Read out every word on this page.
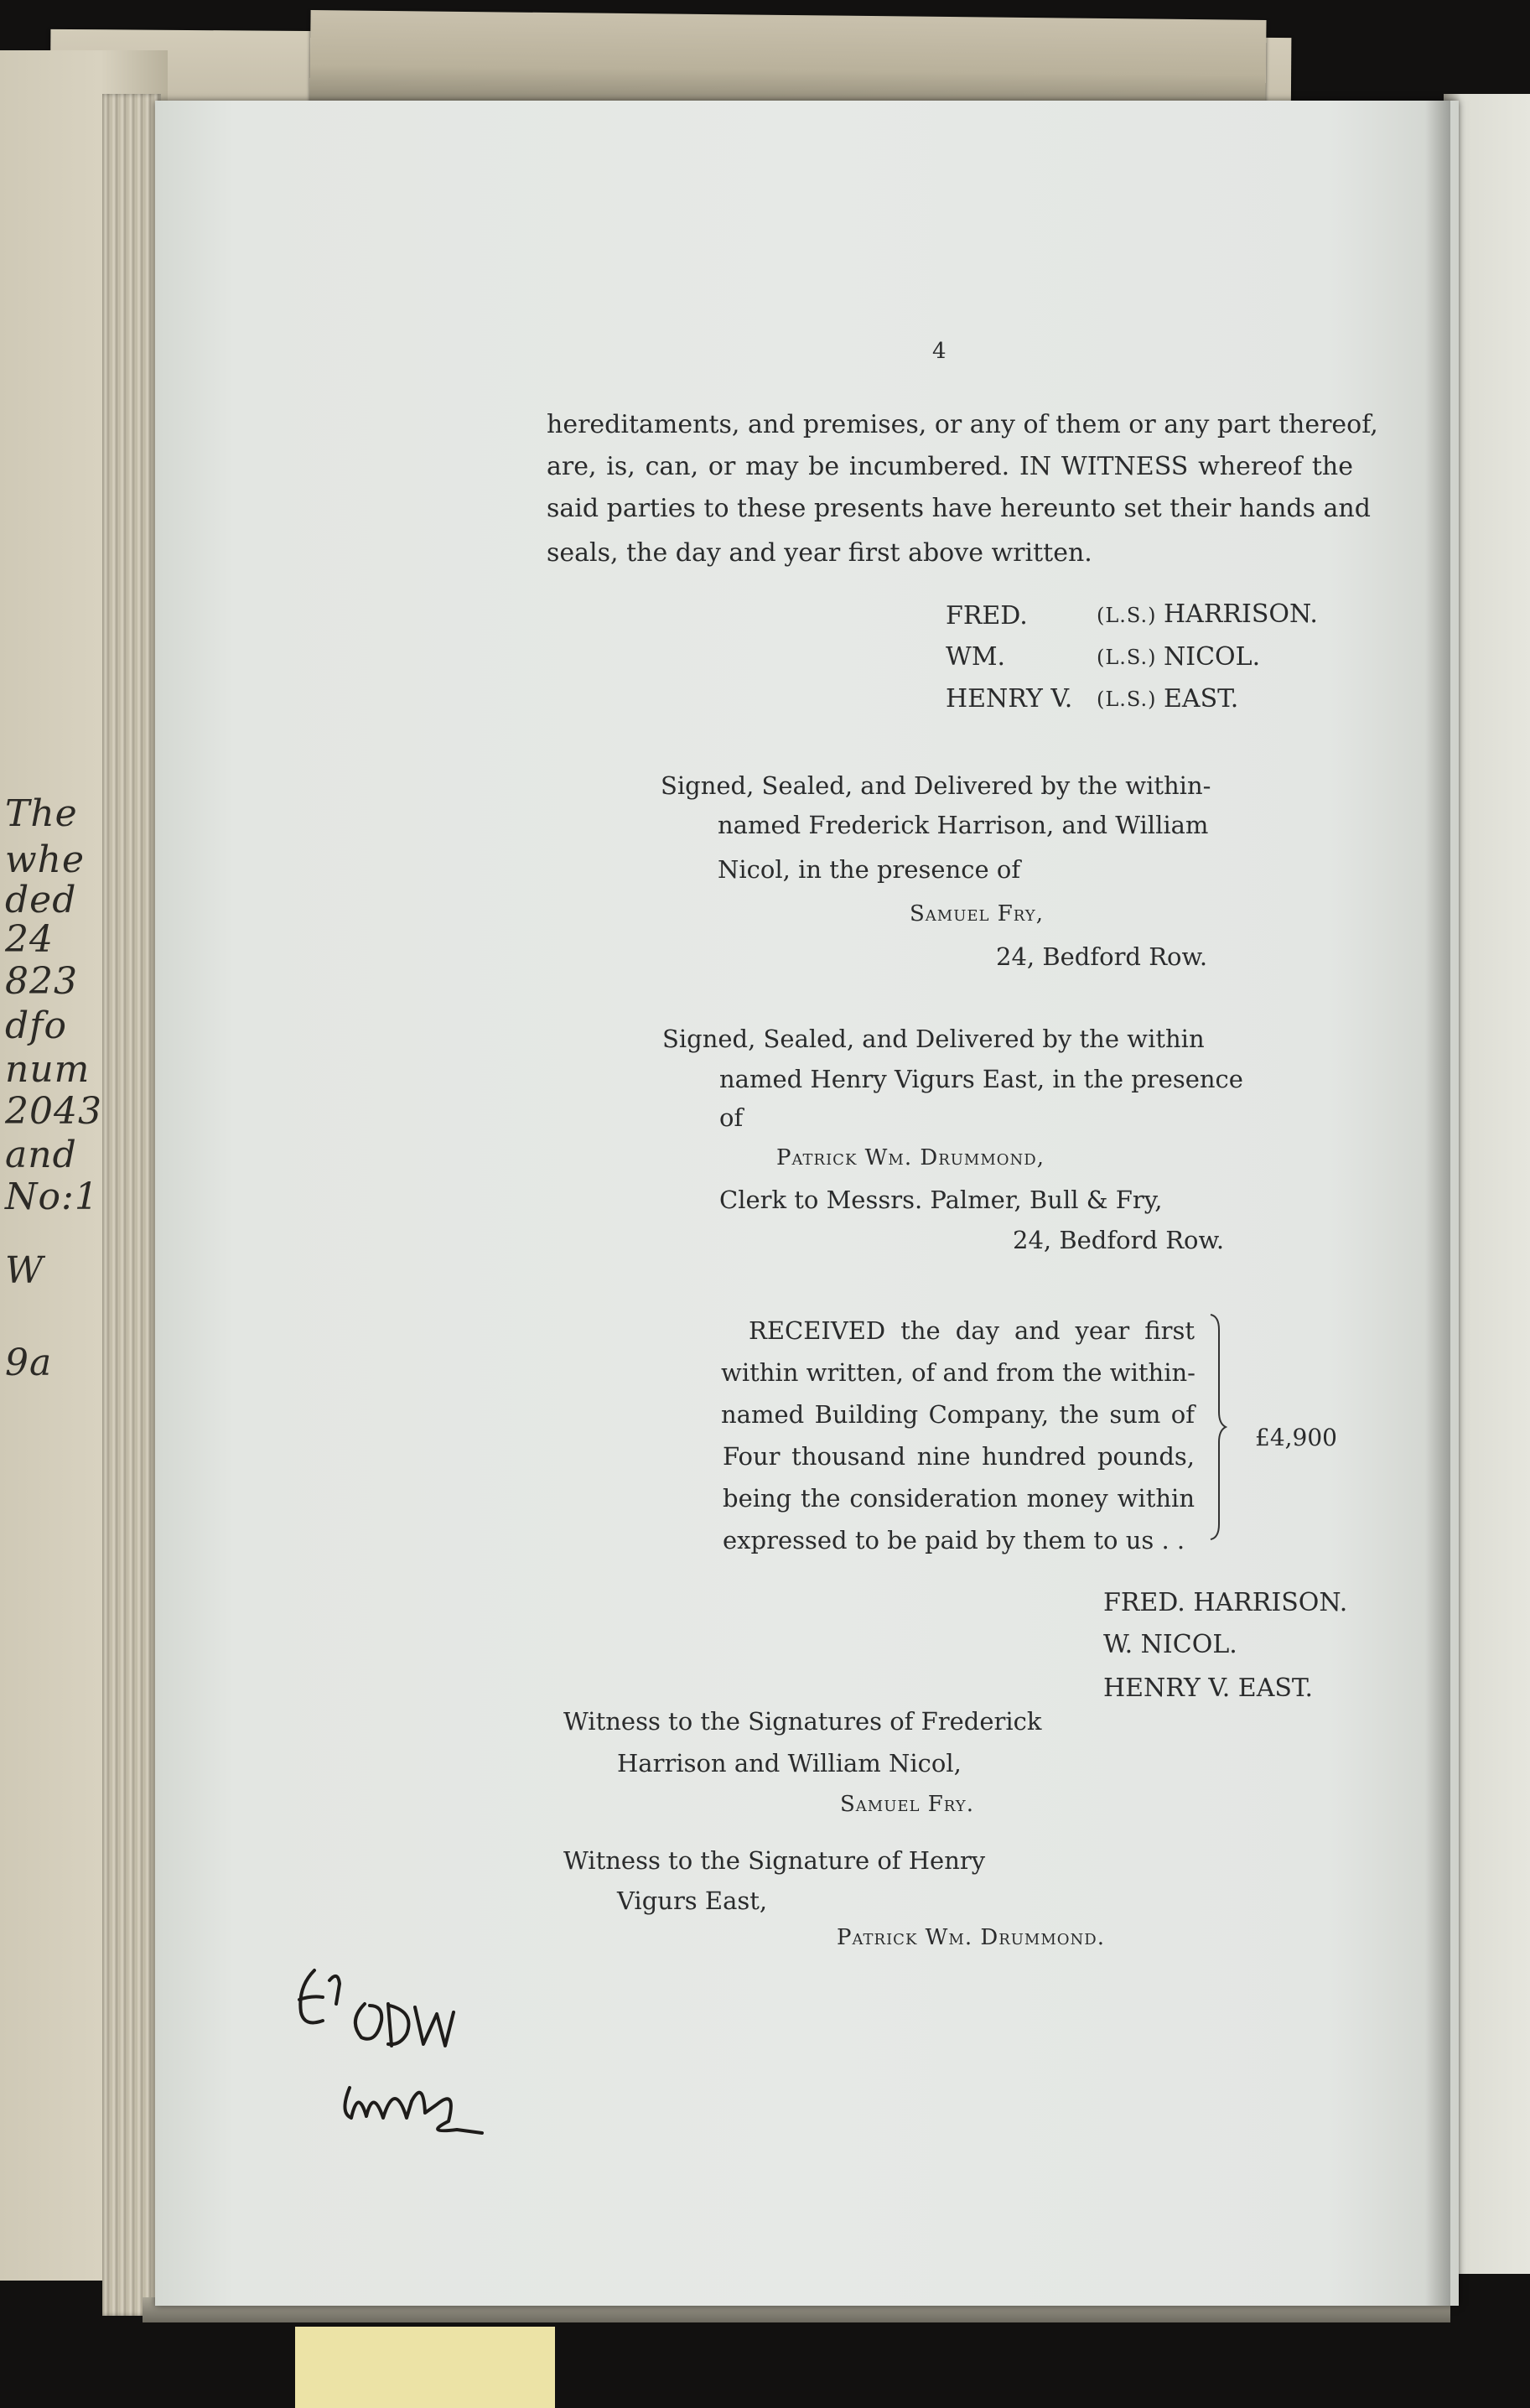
The
whe
ded
24
823
dfo
num
2043
and
No:1
W
9a
4
hereditaments, and premises, or any of them or any part thereof,
are, is, can, or may be incumbered. IN WITNESS whereof the
said parties to these presents have hereunto set their hands and
seals, the day and year first above written.
FRED.	(L.S.) HARRISON.
WM.	(L.S.) NICOL.
HENRY V. (L.S.) EAST.
Signed, Sealed, and Delivered by the within-
named Frederick Harrison, and William
Nicol, in the presence of
Samuel Fry,
24, Bedford Row.
Signed, Sealed, and Delivered by the within
named Henry Vigurs East, in the presence
of
Patrick Wm. Drummond,
Clerk to Messrs. Palmer, Bull & Fry,
24, Bedford Row.
RECEIVED the day and year first
within written, of and from the within-
named Building Company, the sum of
Four thousand nine hundred pounds,
being the consideration money within
expressed to be paid by them to us . .
£4,900
FRED. HARRISON.
W. NICOL.
HENRY V. EAST.
Witness to the Signatures of Frederick
Harrison and William Nicol,
Samuel Fry.
Witness to the Signature of Henry
Vigurs East,
Patrick Wm. Drummond.
